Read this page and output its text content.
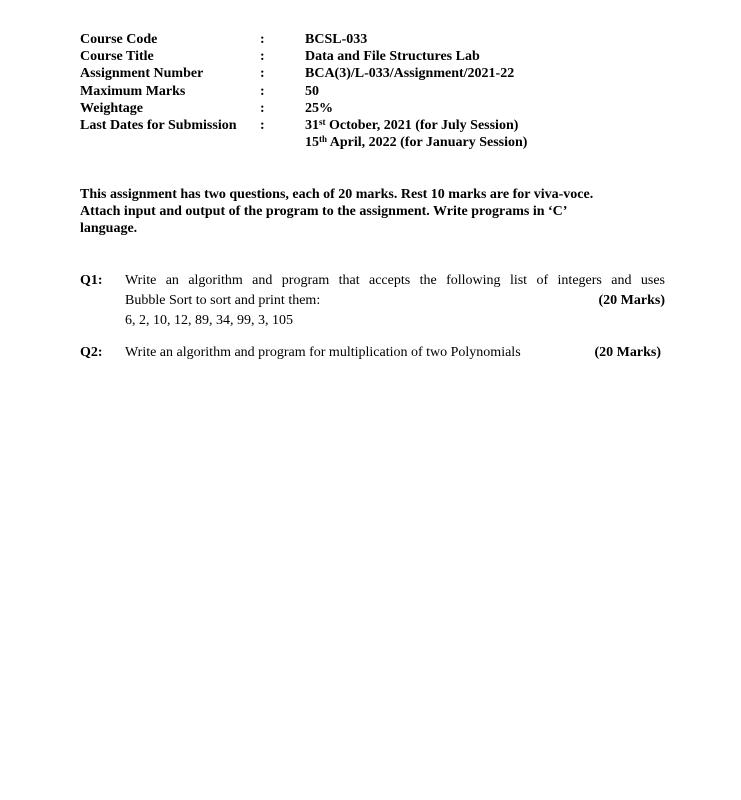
Course Code	:	BCSL-033
Course Title	:	Data and File Structures Lab
Assignment Number	:	BCA(3)/L-033/Assignment/2021-22
Maximum Marks	:	50
Weightage	:	25%
Last Dates for Submission :	31st October, 2021 (for July Session)
15th April, 2022 (for January Session)
This assignment has two questions, each of 20 marks. Rest 10 marks are for viva-voce.
Attach input and output of the program to the assignment. Write programs in ‘C’
language.
Q1: Write an algorithm and program that accepts the following list of integers and uses
Bubble Sort to sort and print them:	(20 Marks)
6, 2, 10, 12, 89, 34, 99, 3, 105
Q2: Write an algorithm and program for multiplication of two Polynomials	(20 Marks)
